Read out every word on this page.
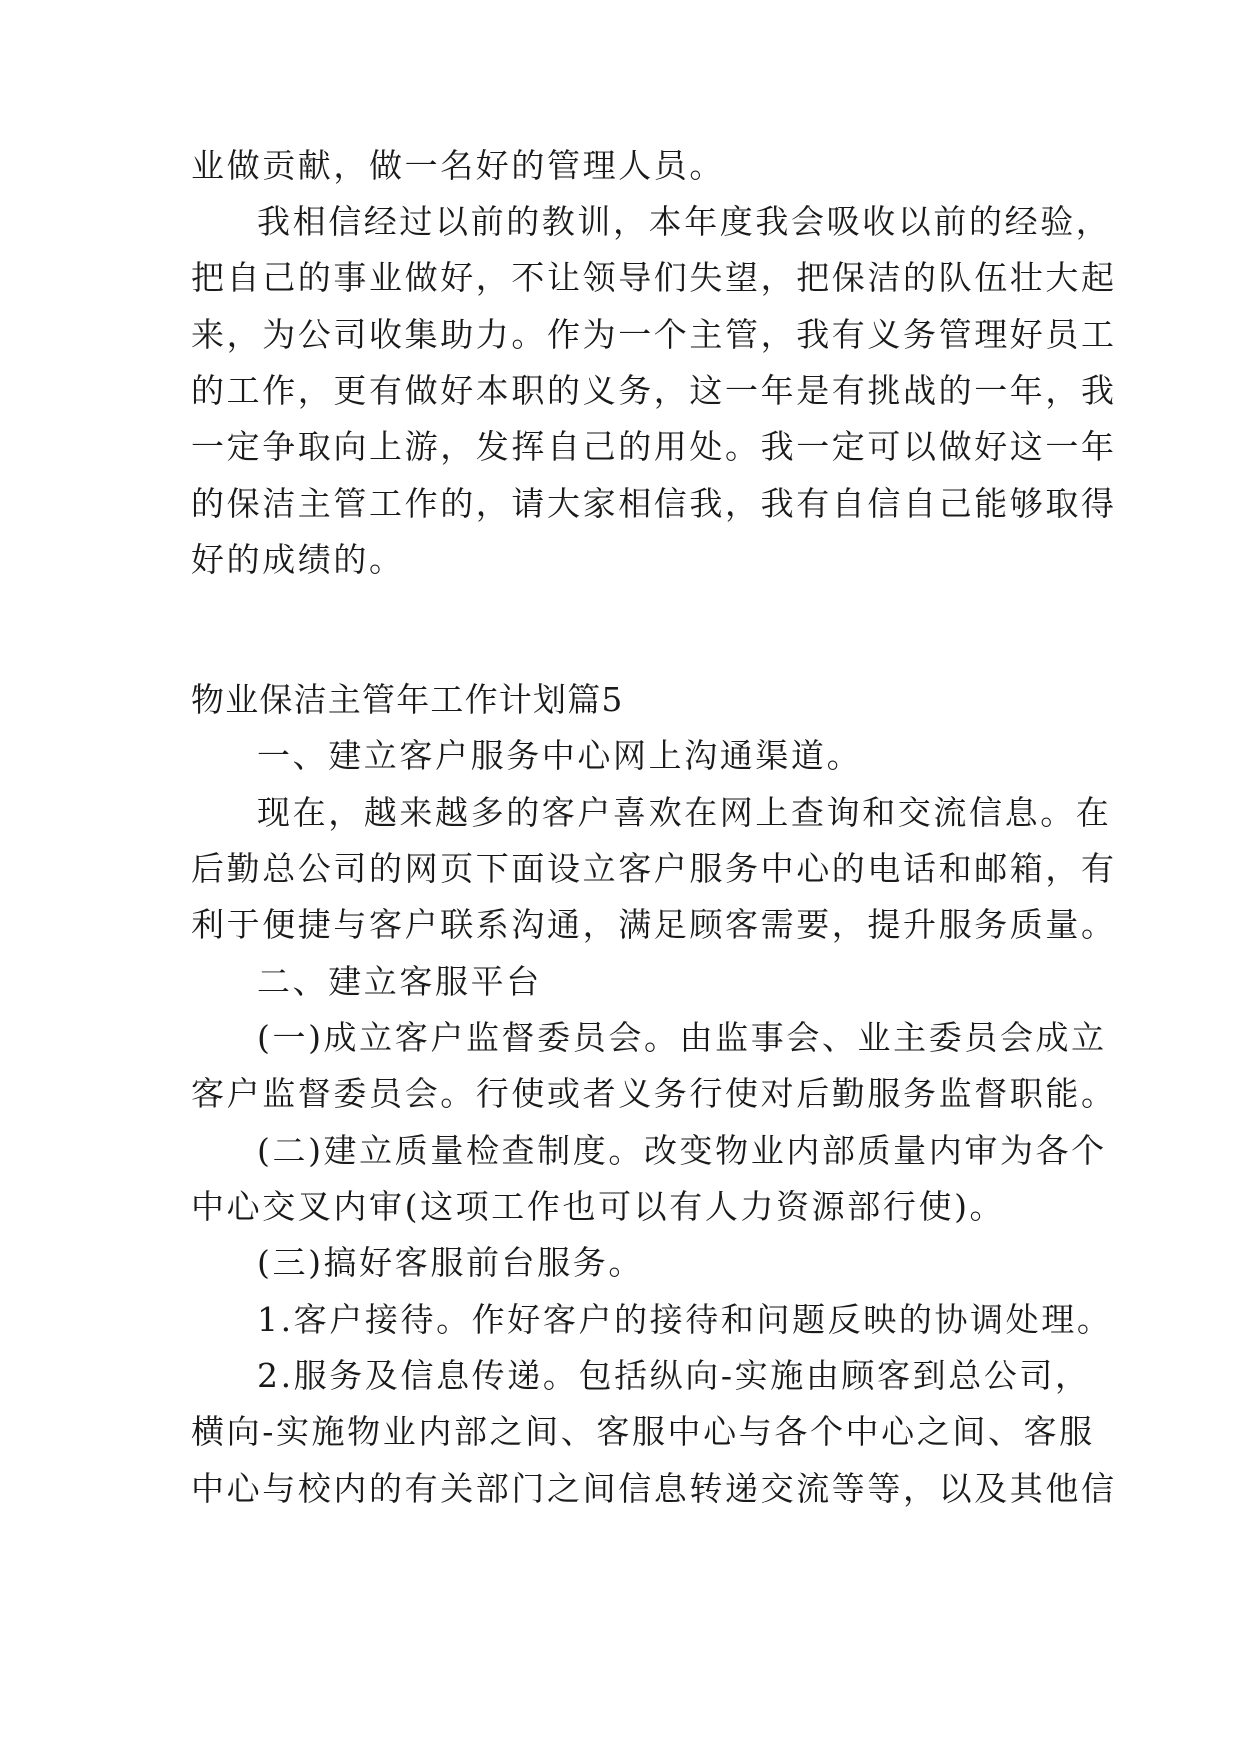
业做贡献，做一名好的管理人员。

我相信经过以前的教训，本年度我会吸收以前的经验，

把自己的事业做好，不让领导们失望，把保洁的队伍壮大起

来，为公司收集助力。作为一个主管，我有义务管理好员工

的工作，更有做好本职的义务，这一年是有挑战的一年，我

一定争取向上游，发挥自己的用处。我一定可以做好这一年

的保洁主管工作的，请大家相信我，我有自信自己能够取得

好的成绩的。

物业保洁主管年工作计划篇5

一、建立客户服务中心网上沟通渠道。

现在，越来越多的客户喜欢在网上查询和交流信息。在

后勤总公司的网页下面设立客户服务中心的电话和邮箱，有

利于便捷与客户联系沟通，满足顾客需要，提升服务质量。

二、建立客服平台

(一)成立客户监督委员会。由监事会、业主委员会成立

客户监督委员会。行使或者义务行使对后勤服务监督职能。

(二)建立质量检查制度。改变物业内部质量内审为各个

中心交叉内审(这项工作也可以有人力资源部行使)。

(三)搞好客服前台服务。

1.客户接待。作好客户的接待和问题反映的协调处理。

2.服务及信息传递。包括纵向-实施由顾客到总公司，

横向-实施物业内部之间、客服中心与各个中心之间、客服

中心与校内的有关部门之间信息转递交流等等，以及其他信
